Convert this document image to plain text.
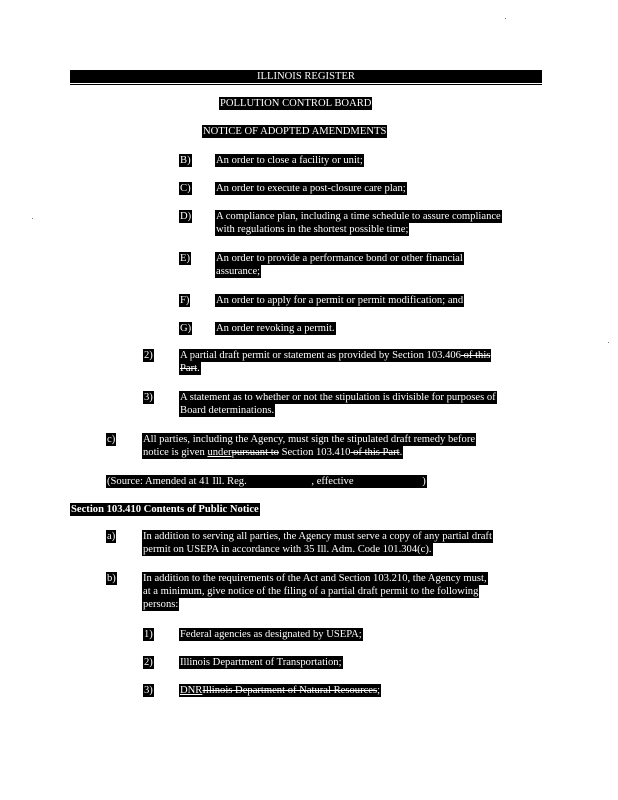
ILLINOIS REGISTER
POLLUTION CONTROL BOARD
NOTICE OF ADOPTED AMENDMENTS
B) An order to close a facility or unit;
C) An order to execute a post-closure care plan;
D) A compliance plan, including a time schedule to assure compliance
with regulations in the shortest possible time;
E) An order to provide a performance bond or other financial
assurance;
F)	An order to apply for a permit or permit modification; and
G) An order revoking a permit.
2)	A partial draft permit or statement as provided by Section 103.406 of this
Part.
3)	A statement as to whether or not the stipulation is divisible for purposes of
Board determinations.
c)	All parties, including the Agency, must sign the stipulated draft remedy before
notice is given underpursuant to Section 103.410 of this Part.
(Source: Amended at 41 Ill. Reg.	, effective	)
Section 103.410 Contents of Public Notice
a)	In addition to serving all parties, the Agency must serve a copy of any partial draft
permit on USEPA in accordance with 35 Ill. Adm. Code 101.304(c).
b)	In addition to the requirements of the Act and Section 103.210, the Agency must,
at a minimum, give notice of the filing of a partial draft permit to the following
persons:
1)	Federal agencies as designated by USEPA;
2)	Illinois Department of Transportation;
3)	DNRIllinois Department of Natural Resources;
